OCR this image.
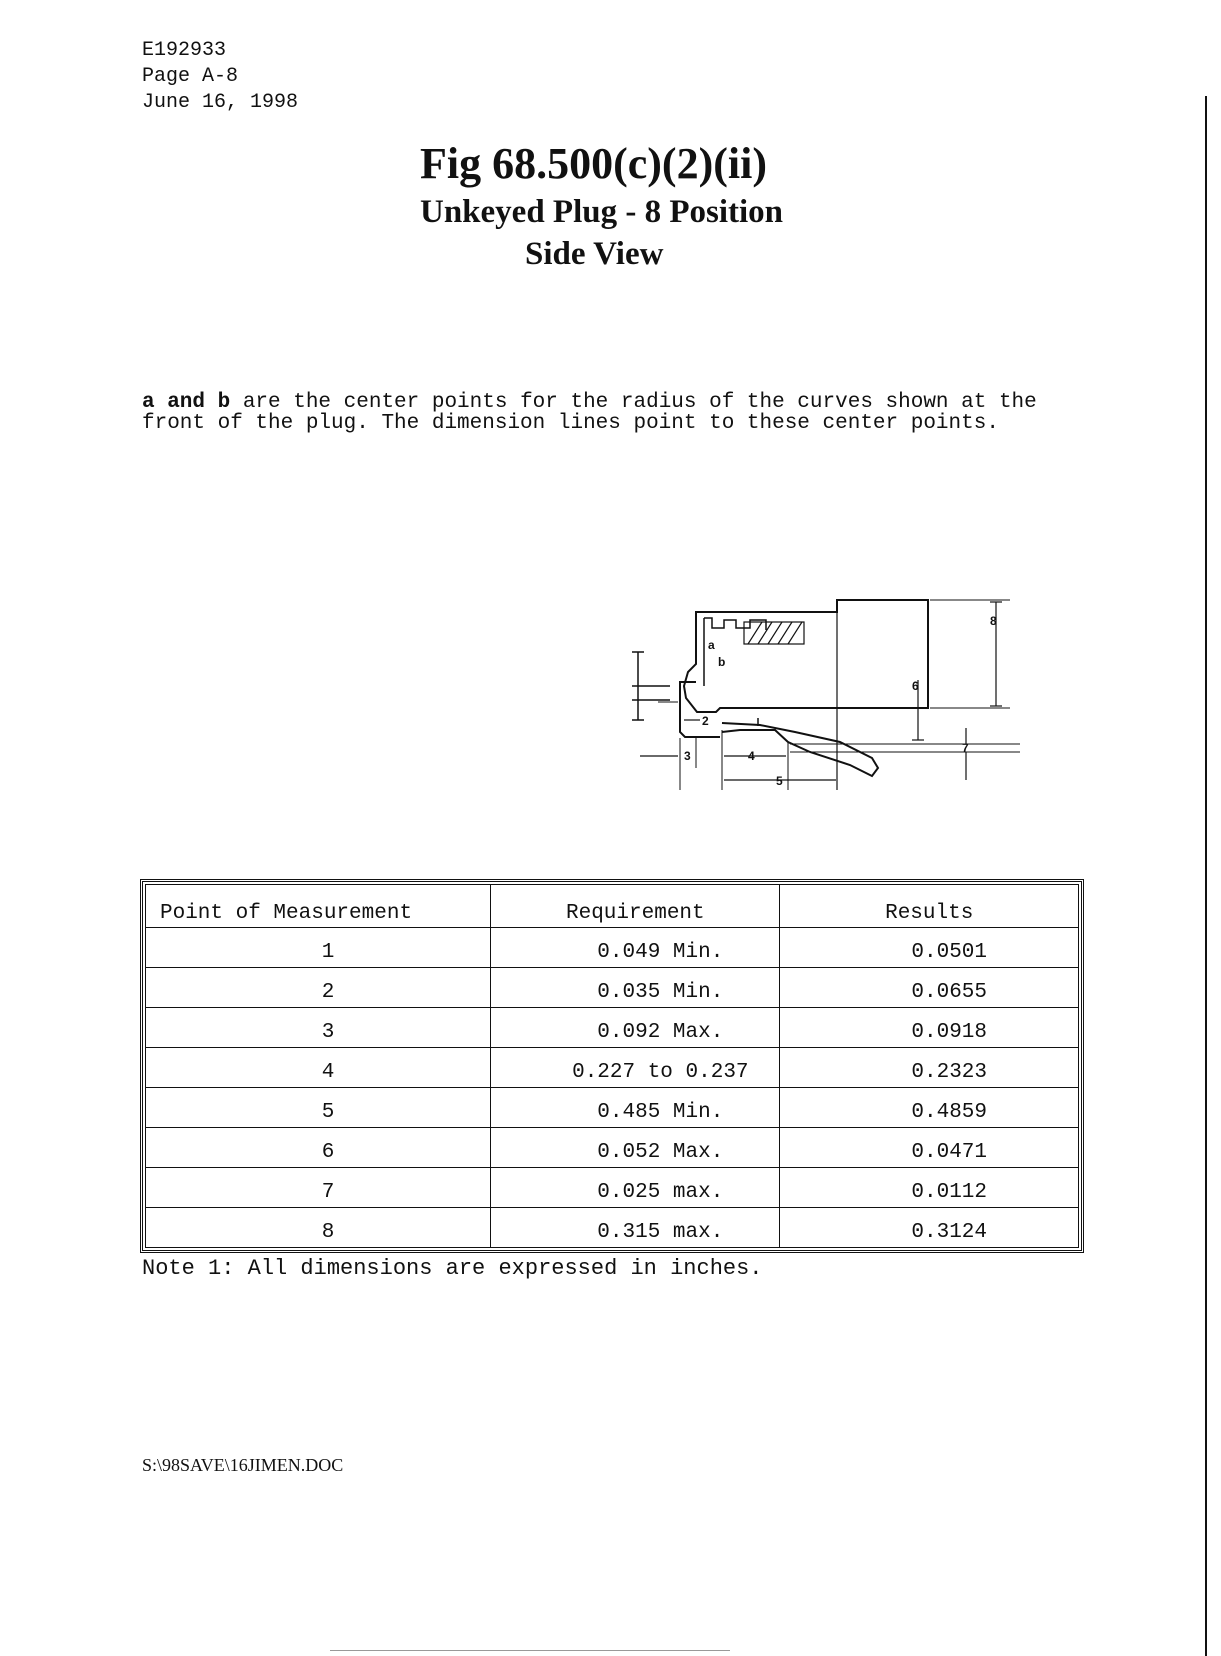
E192933
Page A-8
June 16, 1998
Fig 68.500(c)(2)(ii)
Unkeyed Plug - 8 Position
Side View
a and b are the center points for the radius of the curves shown at the front of the plug. The dimension lines point to these center points.
a
b
2
3	4
5
6
7
8
Point of Measurement	Requirement	Results
1	0.049 Min.	0.0501
2	0.035 Min.	0.0655
3	0.092 Max.	0.0918
4	0.227 to 0.237	0.2323
5	0.485 Min.	0.4859
6	0.052 Max.	0.0471
7	0.025 max.	0.0112
8	0.315 max.	0.3124
Note 1: All dimensions are expressed in inches.
S:\98SAVE\16JIMEN.DOC
